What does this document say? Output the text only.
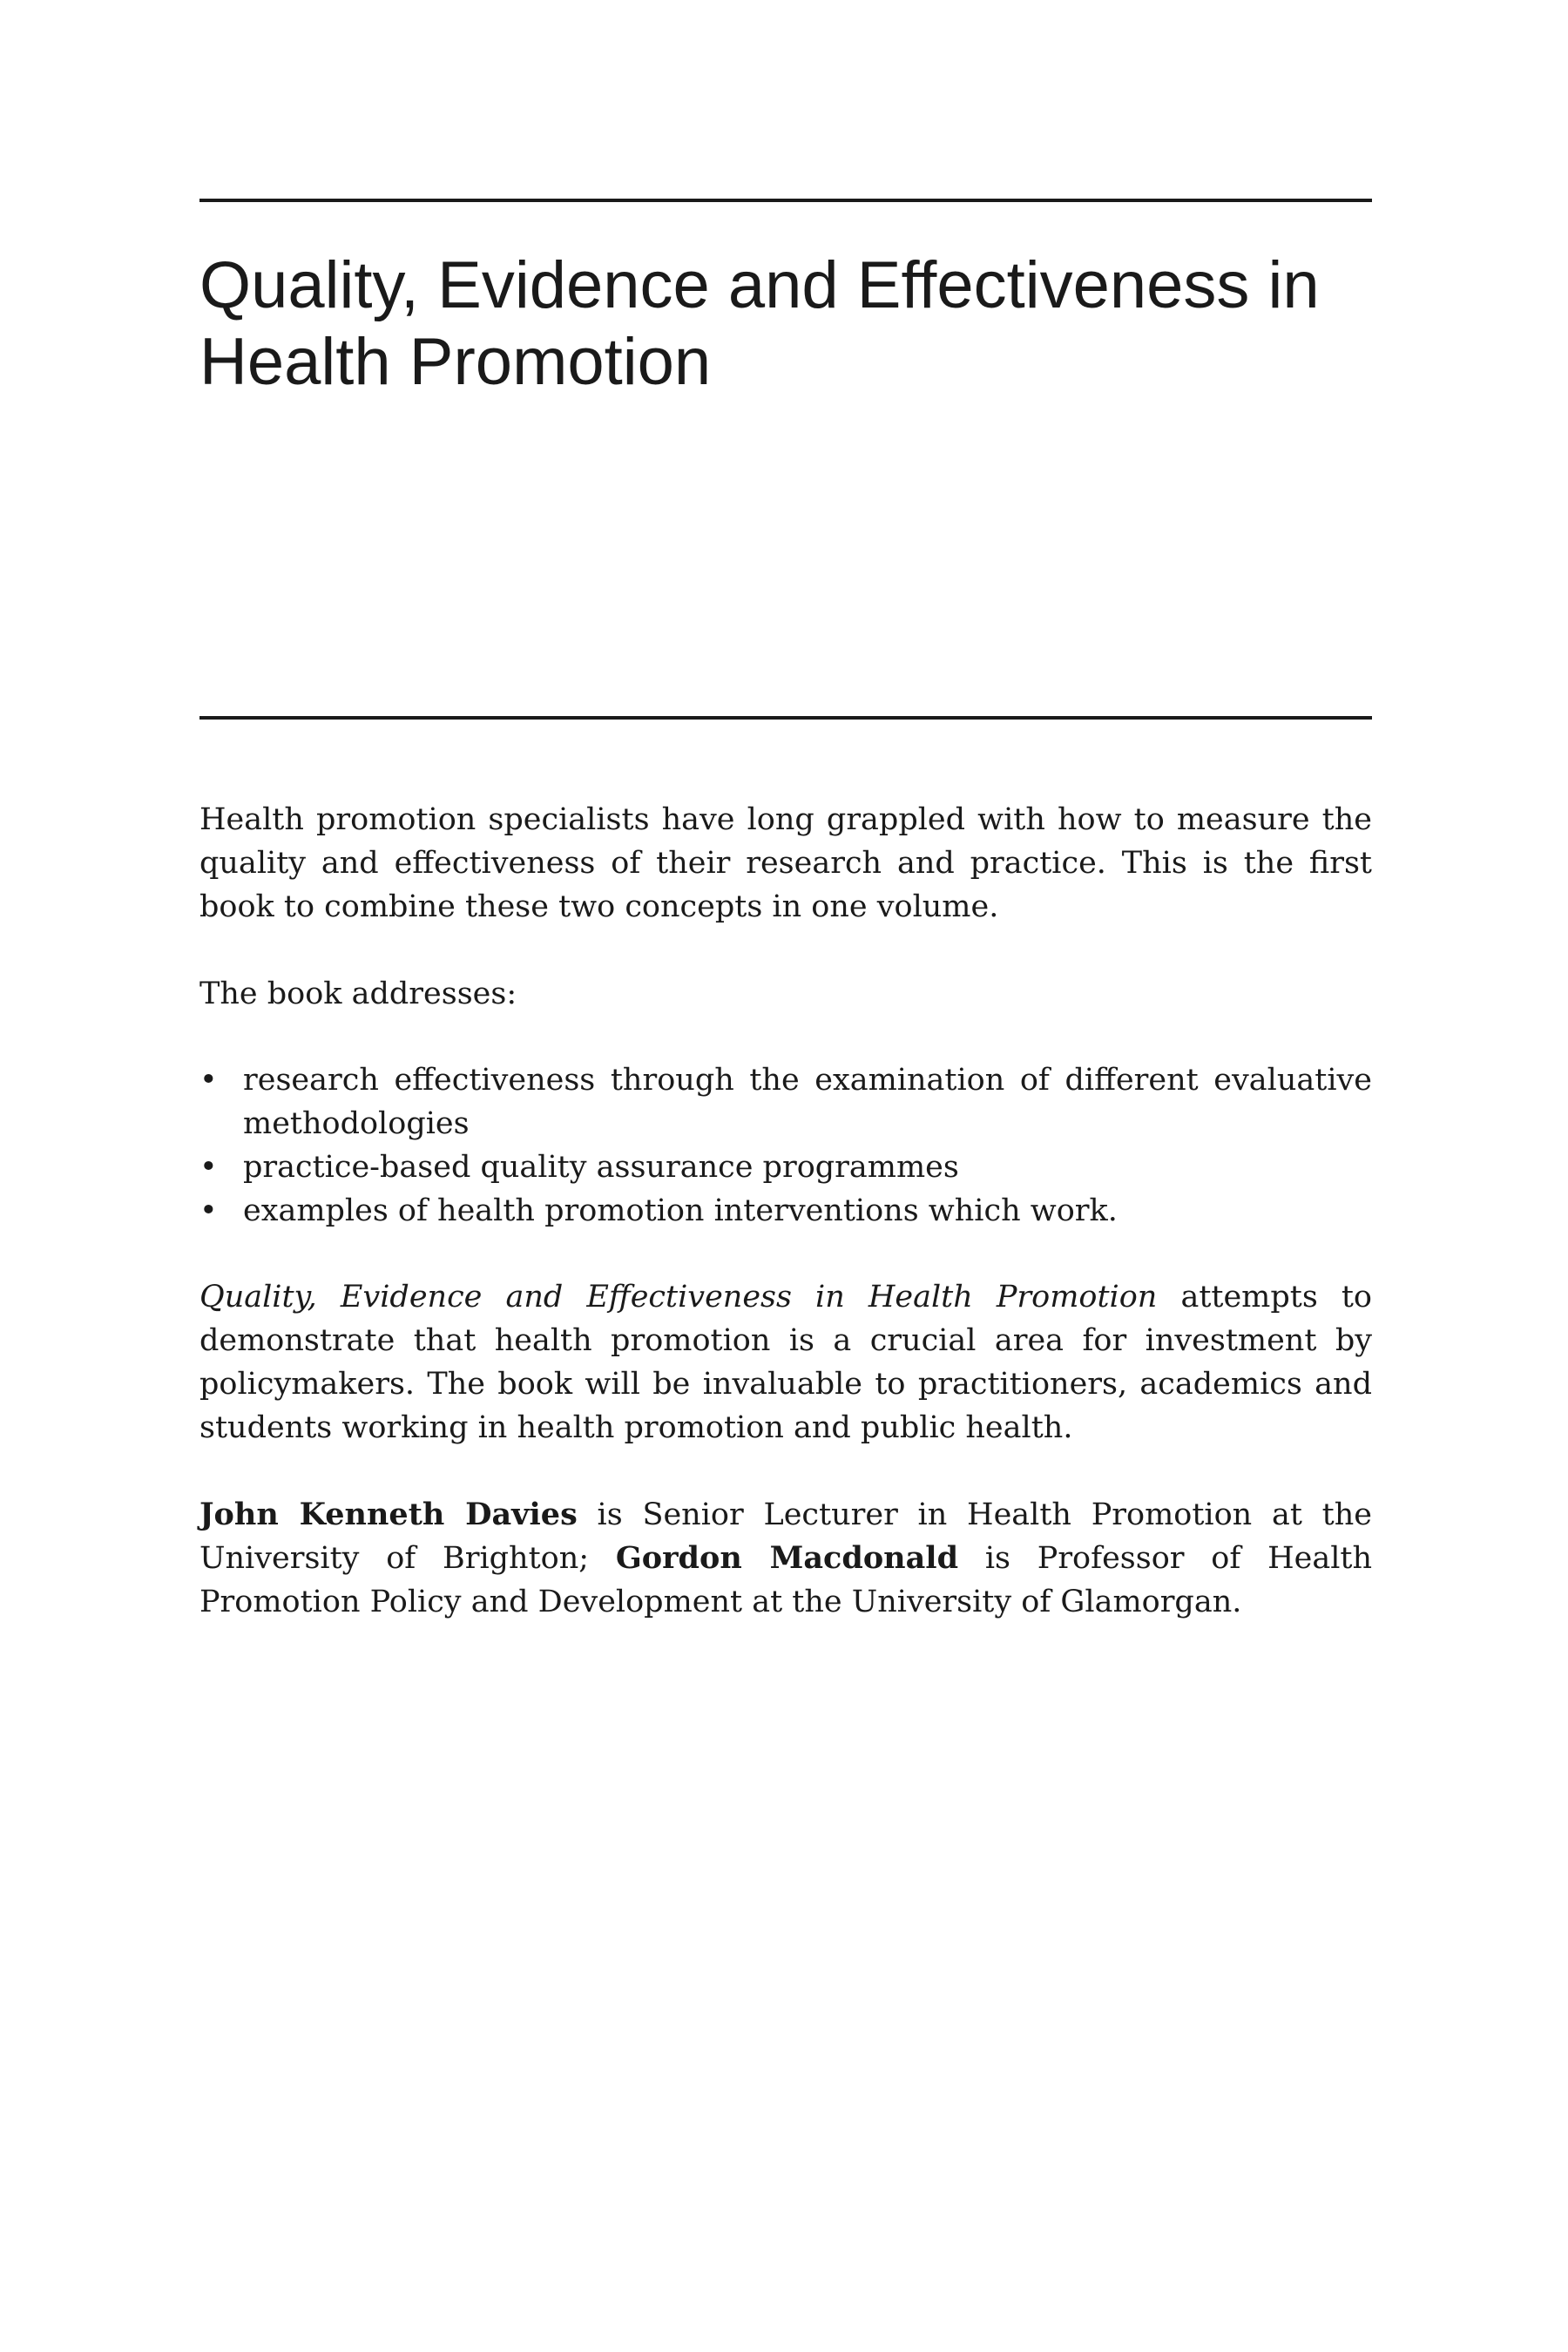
Quality, Evidence and Effectiveness in
Health Promotion

Health promotion specialists have long grappled with how to measure the quality and effectiveness of their research and practice. This is the first book to combine these two concepts in one volume.

The book addresses:

• research effectiveness through the examination of different evaluative methodologies
• practice-based quality assurance programmes
• examples of health promotion interventions which work.

Quality, Evidence and Effectiveness in Health Promotion attempts to demonstrate that health promotion is a crucial area for investment by policymakers. The book will be invaluable to practitioners, academics and students working in health promotion and public health.

John Kenneth Davies is Senior Lecturer in Health Promotion at the University of Brighton; Gordon Macdonald is Professor of Health Promotion Policy and Development at the University of Glamorgan.
